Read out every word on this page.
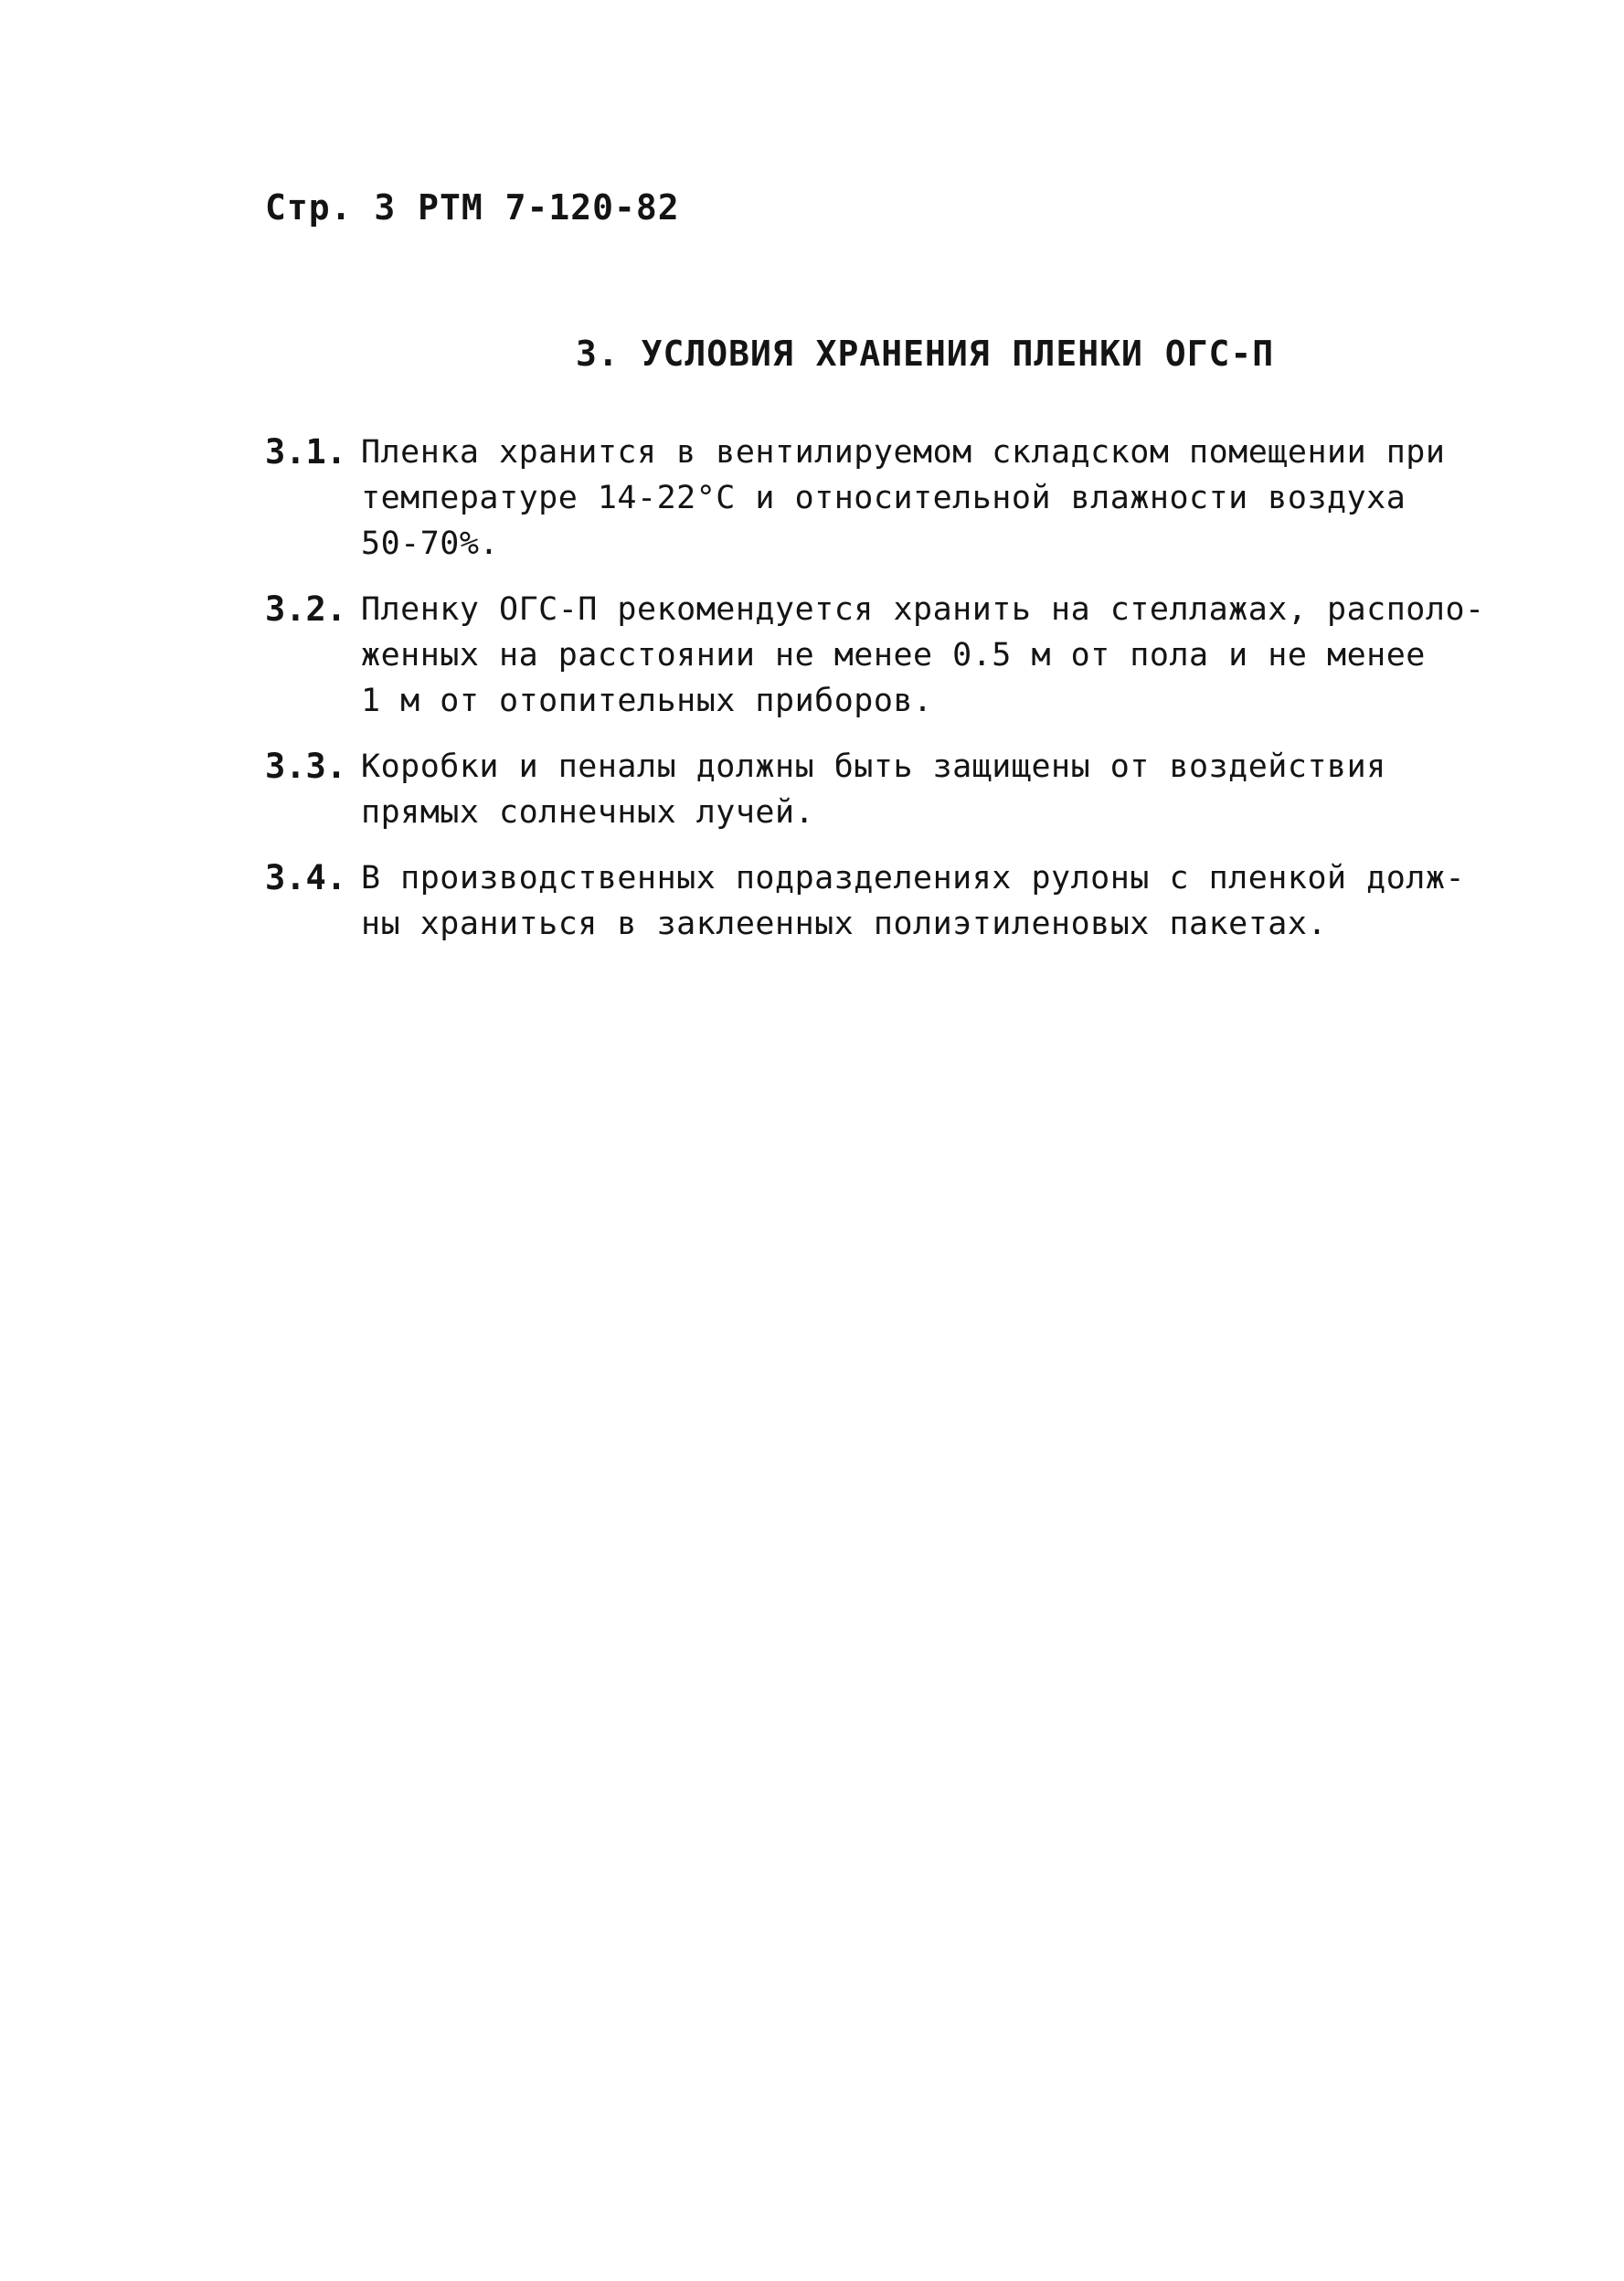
Стр. 3 РТМ 7-120-82
3. УСЛОВИЯ ХРАНЕНИЯ ПЛЕНКИ ОГС-П
3.1. Пленка хранится в вентилируемом складском помещении при
температуре 14-22°С и относительной влажности воздуха
50-70%.
3.2. Пленку ОГС-П рекомендуется хранить на стеллажах, располо-
женных на расстоянии не менее 0.5 м от пола и не менее
1 м от отопительных приборов.
3.3. Коробки и пеналы должны быть защищены от воздействия
прямых солнечных лучей.
3.4. В производственных подразделениях рулоны с пленкой долж-
ны храниться в заклеенных полиэтиленовых пакетах.
